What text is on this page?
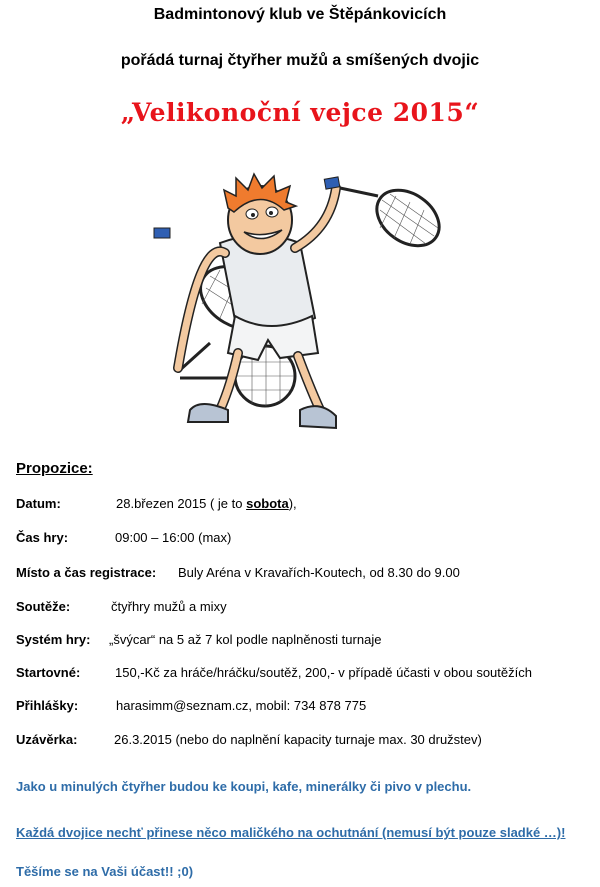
Badmintonový klub ve Štěpánkovicích
pořádá turnaj čtyřher mužů a smíšených dvojic
„Velikonoční vejce 2015“
Propozice:
Datum:	28.březen 2015 ( je to sobota),
Čas hry:	09:00 – 16:00 (max)
Místo a čas registrace: Buly Aréna v Kravařích-Koutech, od 8.30 do 9.00
Soutěže:	čtyřhry mužů a mixy
Systém hry: „švýcar“ na 5 až 7 kol podle naplněnosti turnaje
Startovné:	150,-Kč za hráče/hráčku/soutěž, 200,- v případě účasti v obou soutěžích
Přihlášky:	harasimm@seznam.cz, mobil: 734 878 775
Uzávěrka:	26.3.2015 (nebo do naplnění kapacity turnaje max. 30 družstev)
Jako u minulých čtyřher budou ke koupi, kafe, minerálky či pivo v plechu.
Každá dvojice nechť přinese něco maličkého na ochutnání (nemusí být pouze sladké …)!
Těšíme se na Vaši účast!! ;0)
